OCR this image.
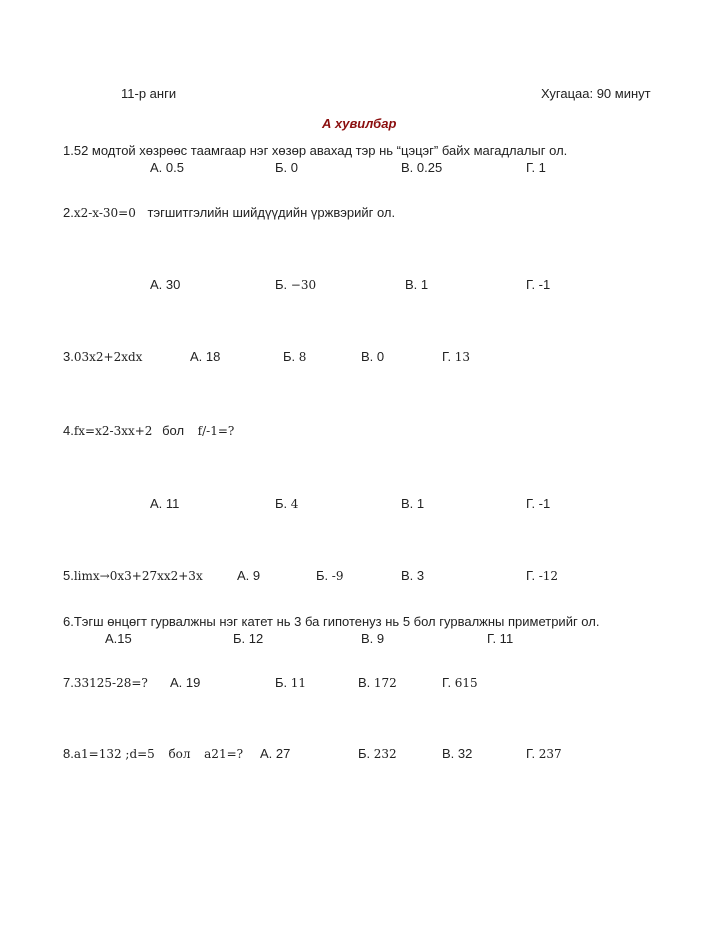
11-р анги	Хугацаа: 90 минут
А хувилбар
1.52 модтой хөзрөөс таамгаар нэг хөзөр авахад тэр нь “цэцэг” байх магадлалыг ол.
А. 0.5	Б. 0	В. 0.25	Г. 1
2.x2-x-30=0 тэгшитгэлийн шийдүүдийн үржвэрийг ол.
А. 30	Б. −30	В. 1	Г. -1
3.03x2+2xdx	А. 18	Б. 8	В. 0	Г. 13
4.fx=x2-3xx+2 бол f/-1=?
А. 11	Б. 4	В. 1	Г. -1
5.limx→0x3+27xx2+3x	А. 9	Б. -9	В. 3	Г. -12
6.Тэгш өнцөгт гурвалжны нэг катет нь 3 ба гипотенуз нь 5 бол гурвалжны приметрийг ол.
А.15	Б. 12	В. 9	Г. 11
7.33125-28=? А. 19	Б. 11	В. 172	Г. 615
8.a1=132 ;d=5 бол a21=? А. 27	Б. 232	В. 32	Г. 237
